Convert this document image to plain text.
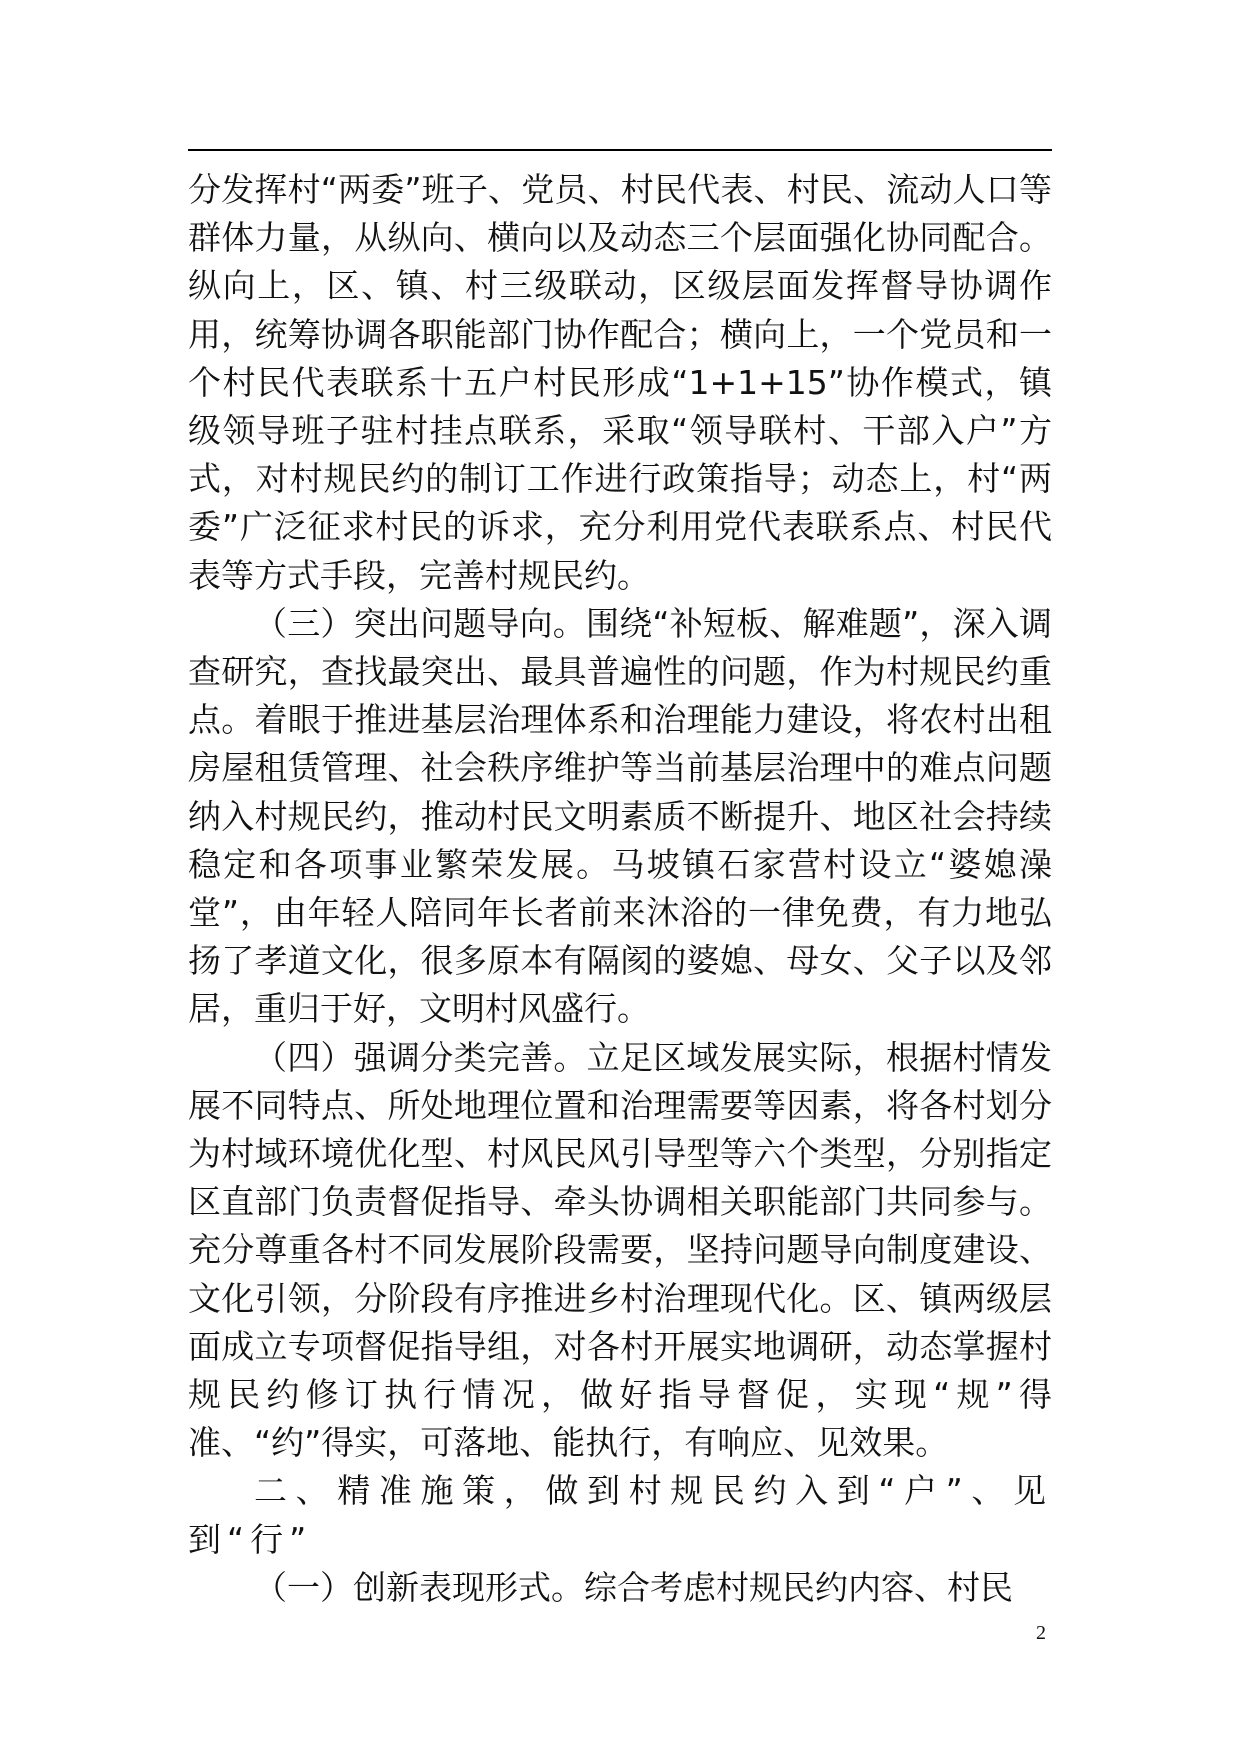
分发挥村“两委”班子、党员、村民代表、村民、流动人口等群体力量，从纵向、横向以及动态三个层面强化协同配合。纵向上，区、镇、村三级联动，区级层面发挥督导协调作用，统筹协调各职能部门协作配合；横向上，一个党员和一个村民代表联系十五户村民形成“1+1+15”协作模式，镇级领导班子驻村挂点联系，采取“领导联村、干部入户”方式，对村规民约的制订工作进行政策指导；动态上，村“两委”广泛征求村民的诉求，充分利用党代表联系点、村民代表等方式手段，完善村规民约。

（三）突出问题导向。围绕“补短板、解难题”，深入调查研究，查找最突出、最具普遍性的问题，作为村规民约重点。着眼于推进基层治理体系和治理能力建设，将农村出租房屋租赁管理、社会秩序维护等当前基层治理中的难点问题纳入村规民约，推动村民文明素质不断提升、地区社会持续稳定和各项事业繁荣发展。马坡镇石家营村设立“婆媳澡堂”，由年轻人陪同年长者前来沐浴的一律免费，有力地弘扬了孝道文化，很多原本有隔阂的婆媳、母女、父子以及邻居，重归于好，文明村风盛行。

（四）强调分类完善。立足区域发展实际，根据村情发展不同特点、所处地理位置和治理需要等因素，将各村划分为村域环境优化型、村风民风引导型等六个类型，分别指定区直部门负责督促指导、牵头协调相关职能部门共同参与。充分尊重各村不同发展阶段需要，坚持问题导向制度建设、文化引领，分阶段有序推进乡村治理现代化。区、镇两级层面成立专项督促指导组，对各村开展实地调研，动态掌握村规民约修订执行情况，做好指导督促，实现“规”得准、“约”得实，可落地、能执行，有响应、见效果。

二、精准施策，做到村规民约入到“户”、见到“行”

（一）创新表现形式。综合考虑村规民约内容、村民

2
